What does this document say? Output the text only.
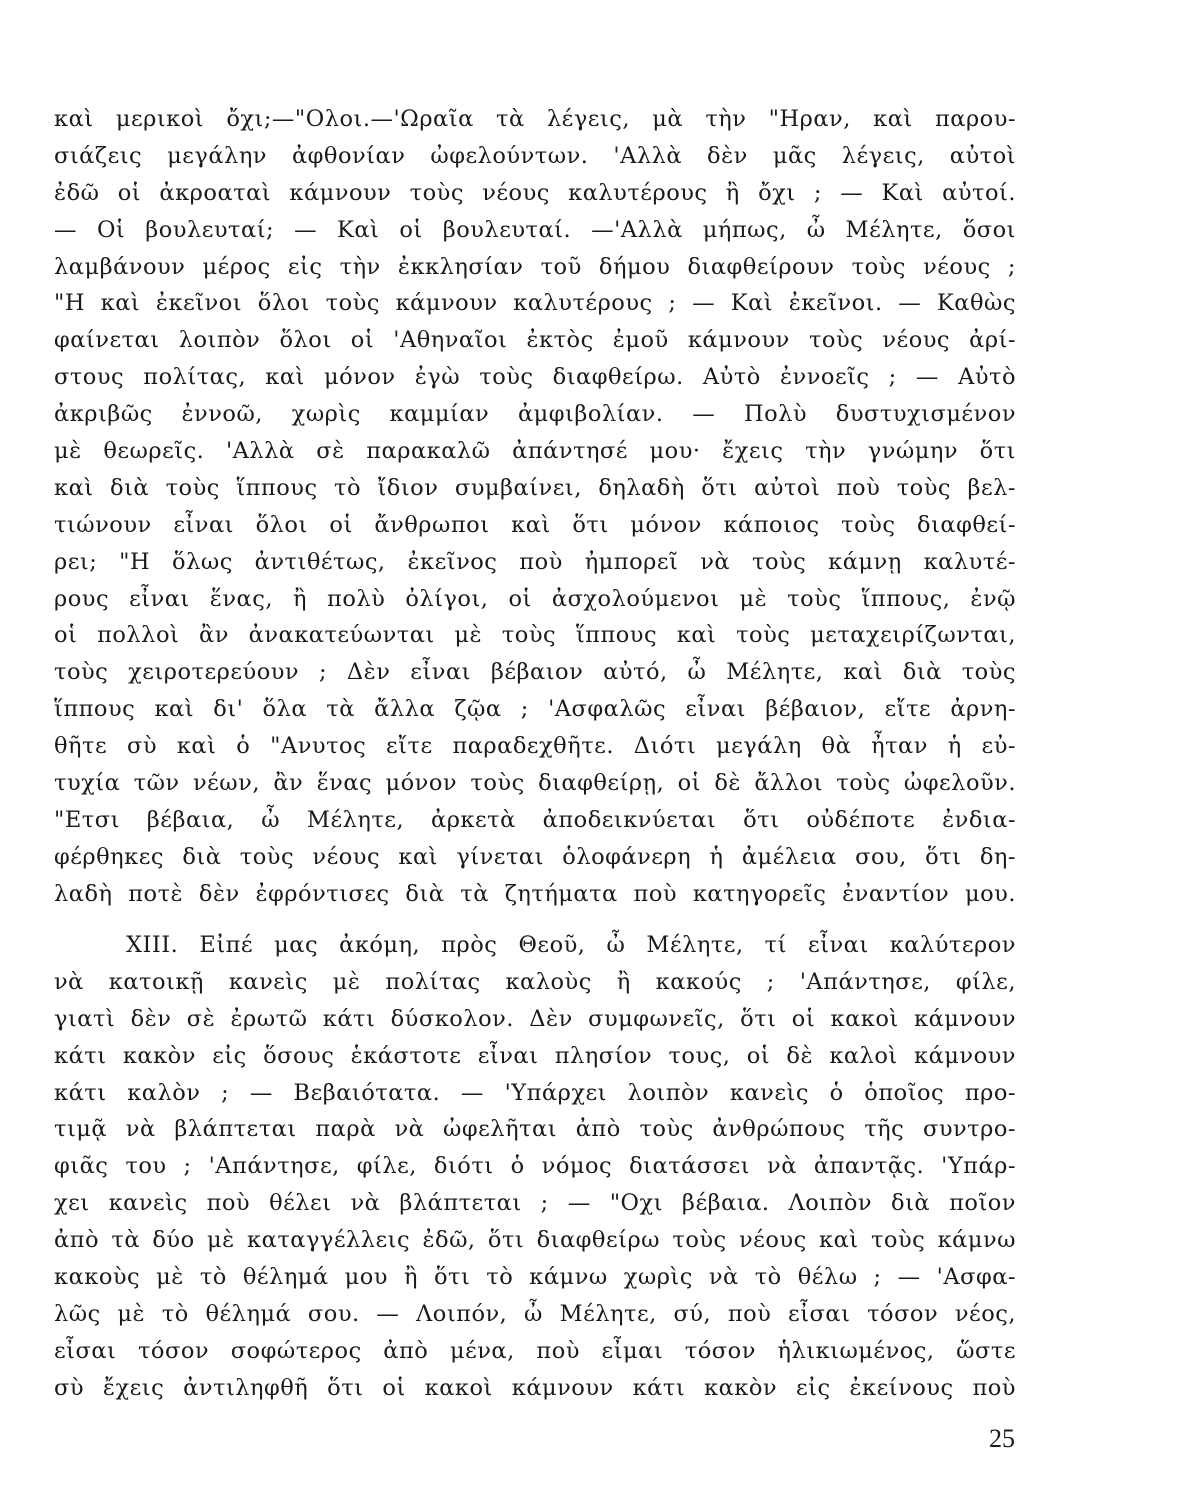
καὶ μερικοὶ ὄχι;—"Ολοι.—'Ωραῖα τὰ λέγεις, μὰ τὴν "Ηραν, καὶ παρου-
σιάζεις μεγάλην ἀφθονίαν ὠφελούντων. 'Αλλὰ δὲν μᾶς λέγεις, αὐτοὶ
ἐδῶ οἱ ἀκροαταὶ κάμνουν τοὺς νέους καλυτέρους ἢ ὄχι ; — Καὶ αὐτοί.
— Οἱ βουλευταί; — Καὶ οἱ βουλευταί. —'Αλλὰ μήπως, ὦ Μέλητε, ὅσοι
λαμβάνουν μέρος εἰς τὴν ἐκκλησίαν τοῦ δήμου διαφθείρουν τοὺς νέους ;
"Η καὶ ἐκεῖνοι ὅλοι τοὺς κάμνουν καλυτέρους ; — Καὶ ἐκεῖνοι. — Καθὼς
φαίνεται λοιπὸν ὅλοι οἱ 'Αθηναῖοι ἐκτὸς ἐμοῦ κάμνουν τοὺς νέους ἀρί-
στους πολίτας, καὶ μόνον ἐγὼ τοὺς διαφθείρω. Αὐτὸ ἐννοεῖς ; — Αὐτὸ
ἀκριβῶς ἐννοῶ, χωρὶς καμμίαν ἀμφιβολίαν. — Πολὺ δυστυχισμένον
μὲ θεωρεῖς. 'Αλλὰ σὲ παρακαλῶ ἀπάντησέ μου· ἔχεις τὴν γνώμην ὅτι
καὶ διὰ τοὺς ἵππους τὸ ἴδιον συμβαίνει, δηλαδὴ ὅτι αὐτοὶ ποὺ τοὺς βελ-
τιώνουν εἶναι ὅλοι οἱ ἄνθρωποι καὶ ὅτι μόνον κάποιος τοὺς διαφθεί-
ρει; "Η ὅλως ἀντιθέτως, ἐκεῖνος ποὺ ἠμπορεῖ νὰ τοὺς κάμνῃ καλυτέ-
ρους εἶναι ἕνας, ἢ πολὺ ὀλίγοι, οἱ ἀσχολούμενοι μὲ τοὺς ἵππους, ἐνῷ
οἱ πολλοὶ ἂν ἀνακατεύωνται μὲ τοὺς ἵππους καὶ τοὺς μεταχειρίζωνται,
τοὺς χειροτερεύουν ; Δὲν εἶναι βέβαιον αὐτό, ὦ Μέλητε, καὶ διὰ τοὺς
ἵππους καὶ δι' ὅλα τὰ ἄλλα ζῷα ; 'Ασφαλῶς εἶναι βέβαιον, εἴτε ἀρνη-
θῆτε σὺ καὶ ὁ "Ανυτος εἴτε παραδεχθῆτε. Διότι μεγάλη θὰ ἦταν ἡ εὐ-
τυχία τῶν νέων, ἂν ἕνας μόνον τοὺς διαφθείρῃ, οἱ δὲ ἄλλοι τοὺς ὠφελοῦν.
"Ετσι βέβαια, ὦ Μέλητε, ἀρκετὰ ἀποδεικνύεται ὅτι οὐδέποτε ἐνδια-
φέρθηκες διὰ τοὺς νέους καὶ γίνεται ὁλοφάνερη ἡ ἀμέλεια σου, ὅτι δη-
λαδὴ ποτὲ δὲν ἐφρόντισες διὰ τὰ ζητήματα ποὺ κατηγορεῖς ἐναντίον μου.
XIII. Εἰπέ μας ἀκόμη, πρὸς Θεοῦ, ὦ Μέλητε, τί εἶναι καλύτερον
νὰ κατοικῇ κανεὶς μὲ πολίτας καλοὺς ἢ κακούς ; 'Απάντησε, φίλε,
γιατὶ δὲν σὲ ἐρωτῶ κάτι δύσκολον. Δὲν συμφωνεῖς, ὅτι οἱ κακοὶ κάμνουν
κάτι κακὸν εἰς ὅσους ἑκάστοτε εἶναι πλησίον τους, οἱ δὲ καλοὶ κάμνουν
κάτι καλὸν ; — Βεβαιότατα. — 'Υπάρχει λοιπὸν κανεὶς ὁ ὁποῖος προ-
τιμᾷ νὰ βλάπτεται παρὰ νὰ ὠφελῆται ἀπὸ τοὺς ἀνθρώπους τῆς συντρο-
φιᾶς του ; 'Απάντησε, φίλε, διότι ὁ νόμος διατάσσει νὰ ἀπαντᾷς. 'Υπάρ-
χει κανεὶς ποὺ θέλει νὰ βλάπτεται ; — "Οχι βέβαια. Λοιπὸν διὰ ποῖον
ἀπὸ τὰ δύο μὲ καταγγέλλεις ἐδῶ, ὅτι διαφθείρω τοὺς νέους καὶ τοὺς κάμνω
κακοὺς μὲ τὸ θέλημά μου ἢ ὅτι τὸ κάμνω χωρὶς νὰ τὸ θέλω ; — 'Ασφα-
λῶς μὲ τὸ θέλημά σου. — Λοιπόν, ὦ Μέλητε, σύ, ποὺ εἶσαι τόσον νέος,
εἶσαι τόσον σοφώτερος ἀπὸ μένα, ποὺ εἶμαι τόσον ἡλικιωμένος, ὥστε
σὺ ἔχεις ἀντιληφθῆ ὅτι οἱ κακοὶ κάμνουν κάτι κακὸν εἰς ἐκείνους ποὺ
25
